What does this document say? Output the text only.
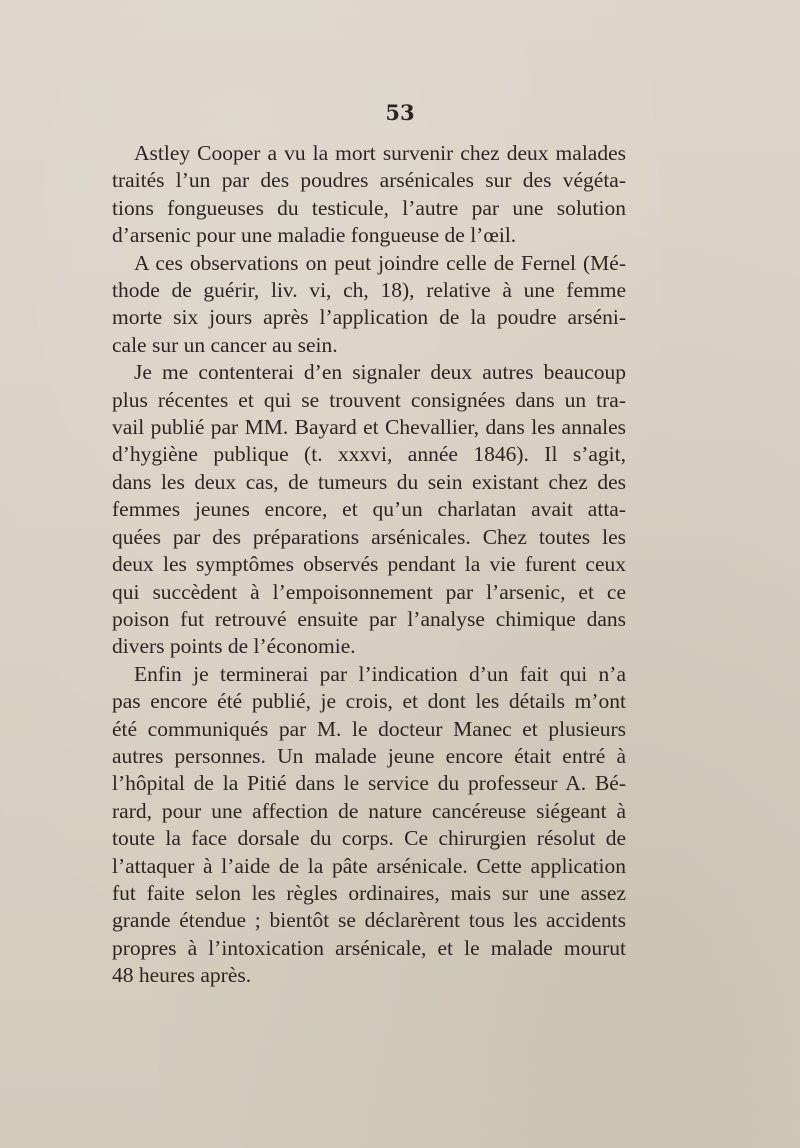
53
Astley Cooper a vu la mort survenir chez deux malades
traités l’un par des poudres arsénicales sur des végéta-
tions fongueuses du testicule, l’autre par une solution
d’arsenic pour une maladie fongueuse de l’œil.
A ces observations on peut joindre celle de Fernel (Mé-
thode de guérir, liv. vi, ch, 18), relative à une femme
morte six jours après l’application de la poudre arséni-
cale sur un cancer au sein.
Je me contenterai d’en signaler deux autres beaucoup
plus récentes et qui se trouvent consignées dans un tra-
vail publié par MM. Bayard et Chevallier, dans les annales
d’hygiène publique (t. xxxvi, année 1846). Il s’agit,
dans les deux cas, de tumeurs du sein existant chez des
femmes jeunes encore, et qu’un charlatan avait atta-
quées par des préparations arsénicales. Chez toutes les
deux les symptômes observés pendant la vie furent ceux
qui succèdent à l’empoisonnement par l’arsenic, et ce
poison fut retrouvé ensuite par l’analyse chimique dans
divers points de l’économie.
Enfin je terminerai par l’indication d’un fait qui n’a
pas encore été publié, je crois, et dont les détails m’ont
été communiqués par M. le docteur Manec et plusieurs
autres personnes. Un malade jeune encore était entré à
l’hôpital de la Pitié dans le service du professeur A. Bé-
rard, pour une affection de nature cancéreuse siégeant à
toute la face dorsale du corps. Ce chirurgien résolut de
l’attaquer à l’aide de la pâte arsénicale. Cette application
fut faite selon les règles ordinaires, mais sur une assez
grande étendue ; bientôt se déclarèrent tous les accidents
propres à l’intoxication arsénicale, et le malade mourut
48 heures après.
